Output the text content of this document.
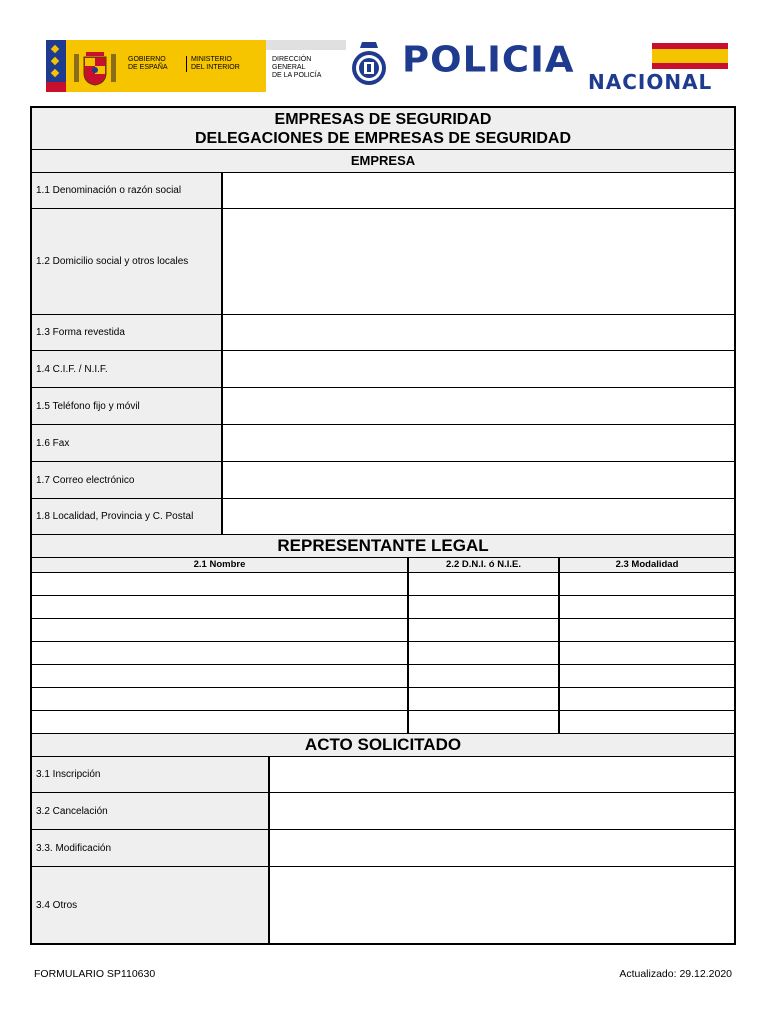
GOBIERNO
DE ESPAÑA
MINISTERIO
DEL INTERIOR
DIRECCIÓN GENERAL
DE LA POLICÍA	POLICIA
NACIONAL
EMPRESAS DE SEGURIDAD
DELEGACIONES DE EMPRESAS DE SEGURIDAD
EMPRESA
1.1 Denominación o razón social
1.2 Domicilio social y otros locales
1.3 Forma revestida
1.4 C.I.F. / N.I.F.
1.5 Teléfono fijo y móvil
1.6 Fax
1.7 Correo electrónico
1.8 Localidad, Provincia y C. Postal
REPRESENTANTE LEGAL
2.1 Nombre	2.2 D.N.I. ó N.I.E.	2.3 Modalidad
ACTO SOLICITADO
3.1 Inscripción
3.2 Cancelación
3.3. Modificación
3.4 Otros
FORMULARIO SP110630	Actualizado: 29.12.2020
